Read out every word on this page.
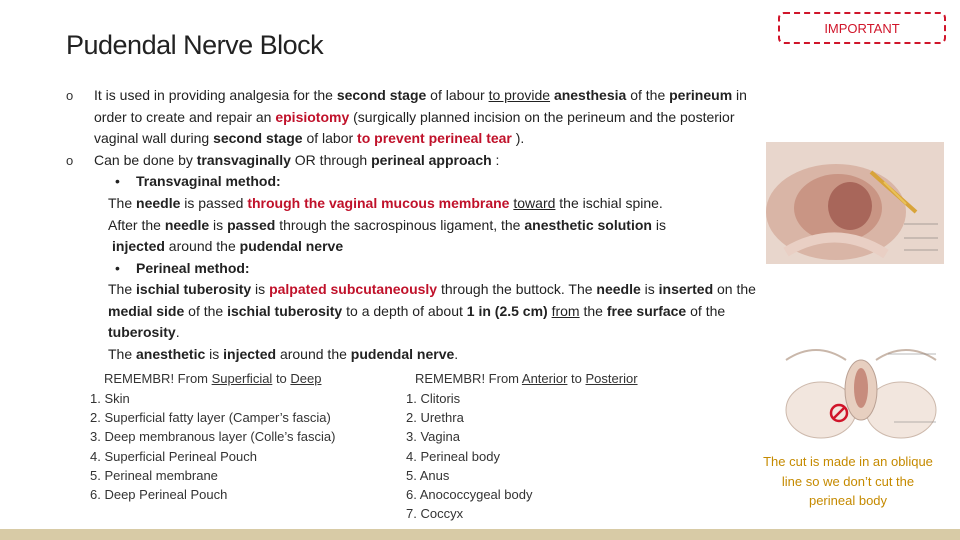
Pudendal Nerve Block
IMPORTANT
o It is used in providing analgesia for the second stage of labour to provide anesthesia of the perineum in
order to create and repair an episiotomy (surgically planned incision on the perineum and the posterior
vaginal wall during second stage of labor to prevent perineal tear ).
o Can be done by transvaginally OR through perineal approach :
• Transvaginal method:
The needle is passed through the vaginal mucous membrane toward the ischial spine.
After the needle is passed through the sacrospinous ligament, the anesthetic solution is
injected around the pudendal nerve
• Perineal method:
The ischial tuberosity is palpated subcutaneously through the buttock. The needle is inserted on the
medial side of the ischial tuberosity to a depth of about 1 in (2.5 cm) from the free surface of the
tuberosity.
The anesthetic is injected around the pudendal nerve.
REMEMBR! From Superficial to Deep
1. Skin
2. Superficial fatty layer (Camper’s fascia)
3. Deep membranous layer (Colle’s fascia)
4. Superficial Perineal Pouch
5. Perineal membrane
6. Deep Perineal Pouch
REMEMBR! From Anterior to Posterior
1. Clitoris
2. Urethra
3. Vagina
4. Perineal body
5. Anus
6. Anococcygeal body
7. Coccyx
The cut is made in an oblique line so we don’t cut the perineal body
